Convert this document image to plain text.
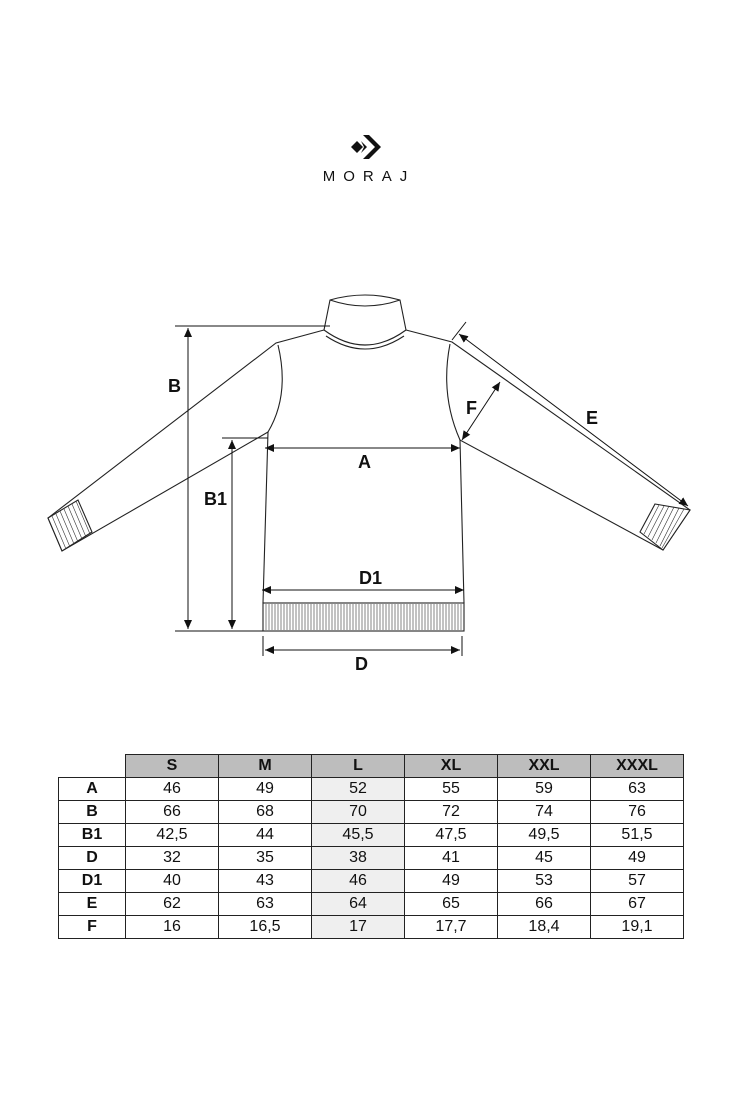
MORAJ
B
B1
A
D1
D
E
F
	S	M	L	XL	XXL	XXXL
A	46	49	52	55	59	63
B	66	68	70	72	74	76
B1	42,5	44	45,5	47,5	49,5	51,5
D	32	35	38	41	45	49
D1	40	43	46	49	53	57
E	62	63	64	65	66	67
F	16	16,5	17	17,7	18,4	19,1
